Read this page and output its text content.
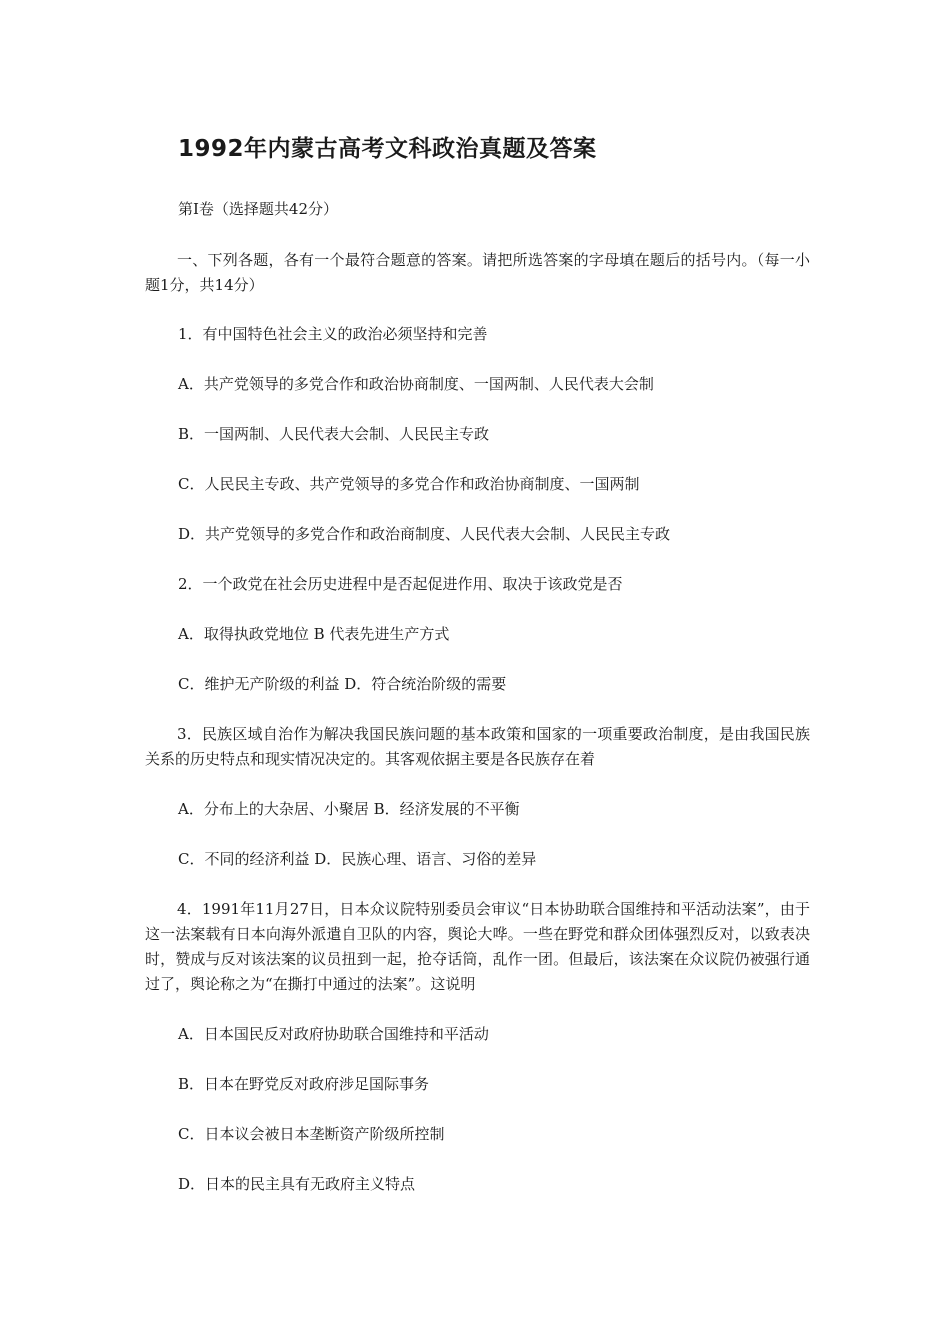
1992年内蒙古高考文科政治真题及答案

第Ⅰ卷（选择题共42分）

一、下列各题，各有一个最符合题意的答案。请把所选答案的字母填在题后的括号内。（每一小题1分，共14分）

1．有中国特色社会主义的政治必须坚持和完善

A．共产党领导的多党合作和政治协商制度、一国两制、人民代表大会制

B．一国两制、人民代表大会制、人民民主专政

C．人民民主专政、共产党领导的多党合作和政治协商制度、一国两制

D．共产党领导的多党合作和政治商制度、人民代表大会制、人民民主专政

2．一个政党在社会历史进程中是否起促进作用、取决于该政党是否

A．取得执政党地位 B 代表先进生产方式

C．维护无产阶级的利益 D．符合统治阶级的需要

3．民族区域自治作为解决我国民族问题的基本政策和国家的一项重要政治制度，是由我国民族关系的历史特点和现实情况决定的。其客观依据主要是各民族存在着

A．分布上的大杂居、小聚居 B．经济发展的不平衡

C．不同的经济利益 D．民族心理、语言、习俗的差异

4．1991年11月27日，日本众议院特别委员会审议“日本协助联合国维持和平活动法案”，由于这一法案载有日本向海外派遣自卫队的内容，舆论大哗。一些在野党和群众团体强烈反对，以致表决时，赞成与反对该法案的议员扭到一起，抢夺话筒，乱作一团。但最后，该法案在众议院仍被强行通过了，舆论称之为“在撕打中通过的法案”。这说明

A．日本国民反对政府协助联合国维持和平活动

B．日本在野党反对政府涉足国际事务

C．日本议会被日本垄断资产阶级所控制

D．日本的民主具有无政府主义特点
